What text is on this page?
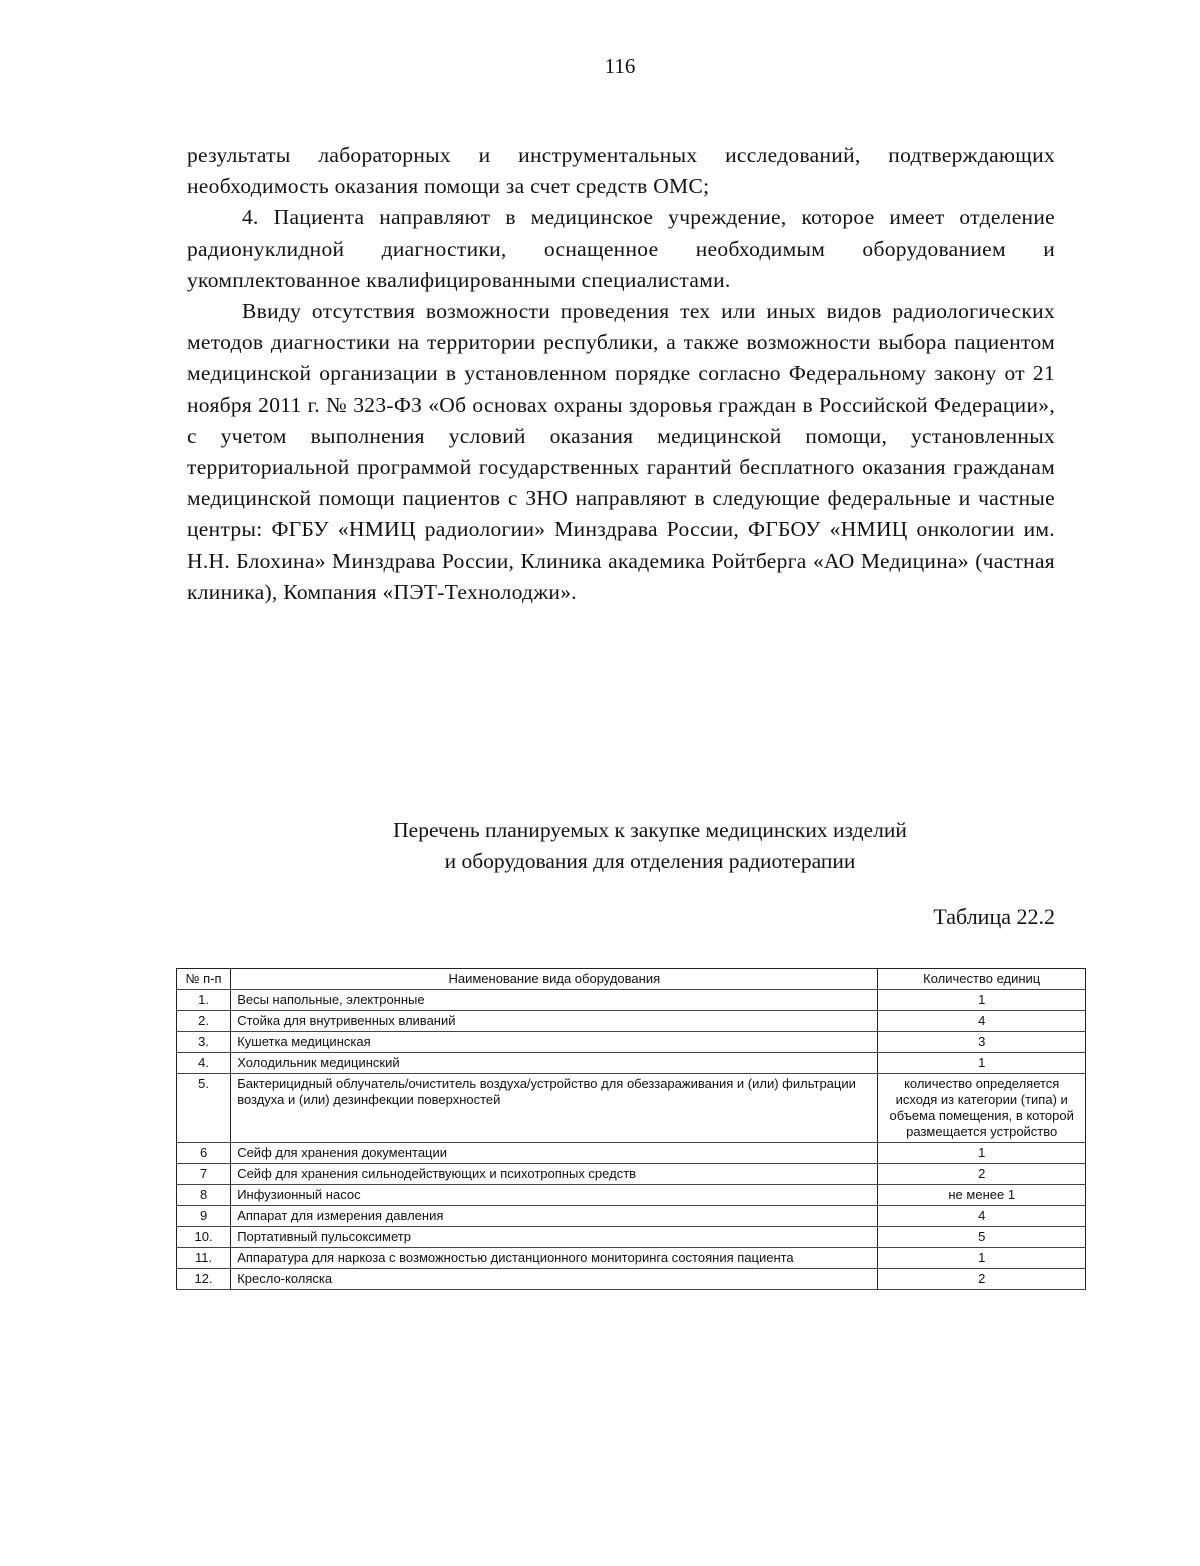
116

результаты лабораторных и инструментальных исследований, подтверждающих необходимость оказания помощи за счет средств ОМС;

4. Пациента направляют в медицинское учреждение, которое имеет отделение радионуклидной диагностики, оснащенное необходимым оборудованием и укомплектованное квалифицированными специалистами.

Ввиду отсутствия возможности проведения тех или иных видов радиологических методов диагностики на территории республики, а также возможности выбора пациентом медицинской организации в установленном порядке согласно Федеральному закону от 21 ноября 2011 г. № 323-ФЗ «Об основах охраны здоровья граждан в Российской Федерации», с учетом выполнения условий оказания медицинской помощи, установленных территориальной программой государственных гарантий бесплатного оказания гражданам медицинской помощи пациентов с ЗНО направляют в следующие федеральные и частные центры: ФГБУ «НМИЦ радиологии» Минздрава России, ФГБОУ «НМИЦ онкологии им. Н.Н. Блохина» Минздрава России, Клиника академика Ройтберга «АО Медицина» (частная клиника), Компания «ПЭТ-Технолоджи».

Перечень планируемых к закупке медицинских изделий
и оборудования для отделения радиотерапии
Таблица 22.2
№ п-п	Наименование вида оборудования	Количество единиц
1.	Весы напольные, электронные	1
2.	Стойка для внутривенных вливаний	4
3.	Кушетка медицинская	3
4.	Холодильник медицинский	1
5.	Бактерицидный облучатель/очиститель воздуха/устройство для обеззараживания и (или) фильтрации воздуха и (или) дезинфекции поверхностей	количество определяется исходя из категории (типа) и объема помещения, в которой размещается устройство
6	Сейф для хранения документации	1
7	Сейф для хранения сильнодействующих и психотропных средств	2
8	Инфузионный насос	не менее 1
9	Аппарат для измерения давления	4
10.	Портативный пульсоксиметр	5
11.	Аппаратура для наркоза с возможностью дистанционного мониторинга состояния пациента	1
12.	Кресло-коляска	2
